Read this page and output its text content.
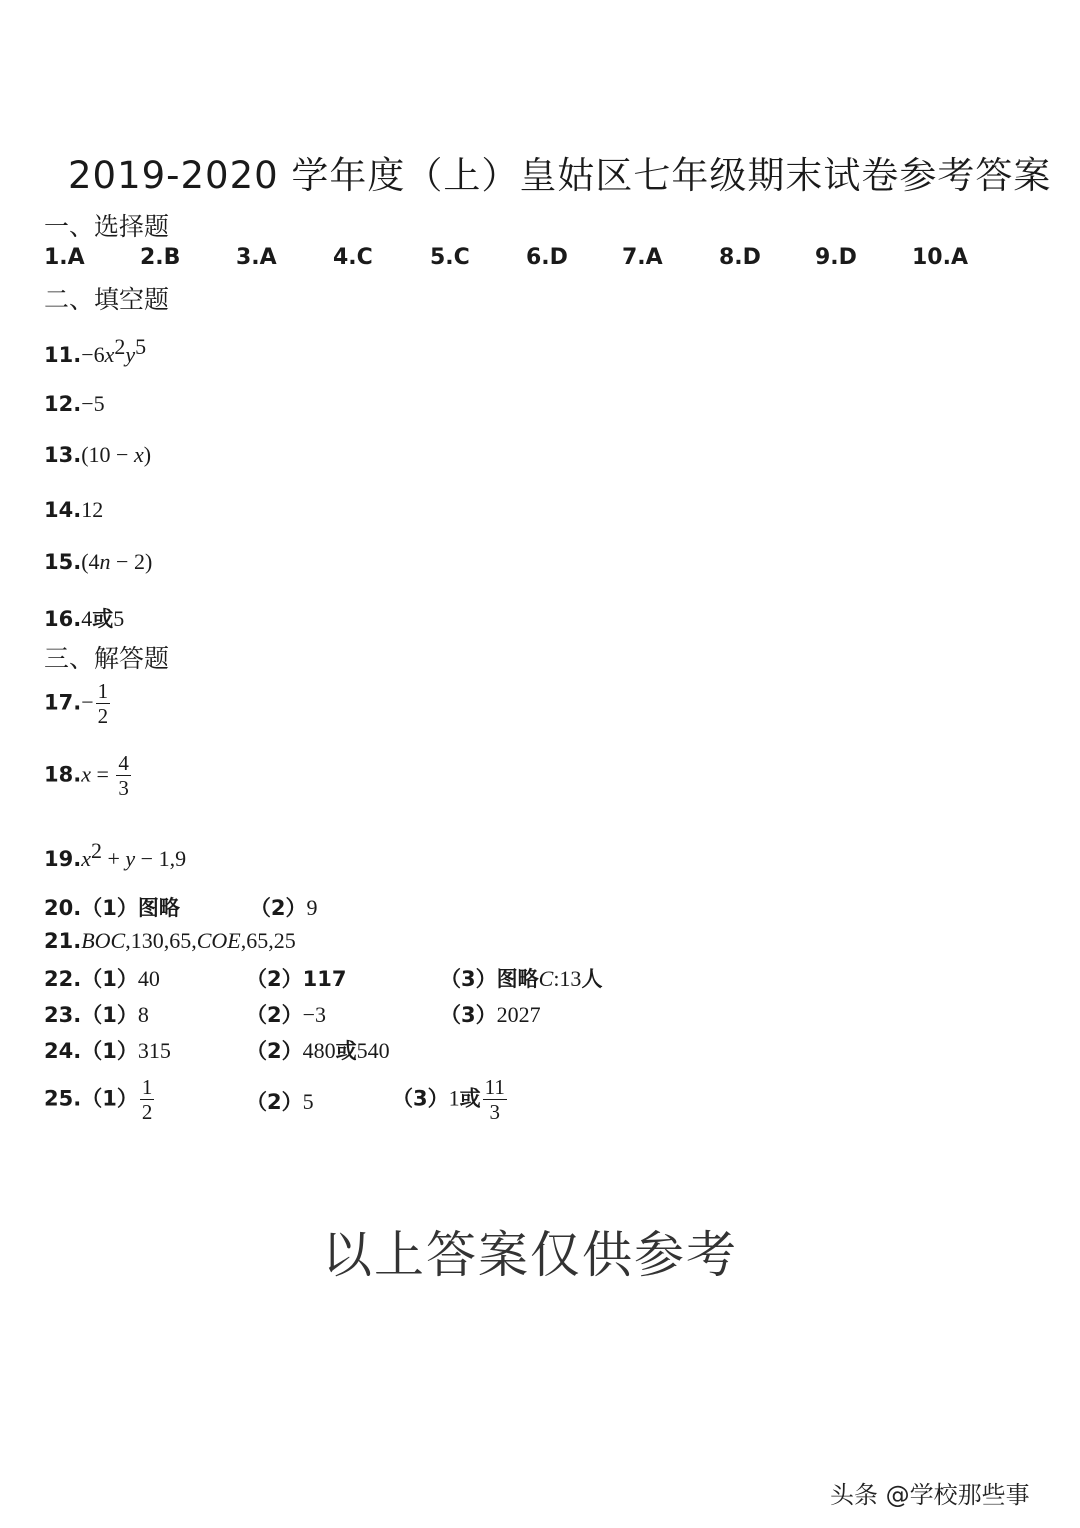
2019-2020 学年度（上）皇姑区七年级期末试卷参考答案
一、选择题
1.A	2.B	3.A	4.C	5.C	6.D 7.A	8.D 9.D	10.A
二、填空题
$11.-6x^2y^5$
12.−5
13.(10 − x)
14.12
15.(4n − 2)
16.4或5
三、解答题
$17.- \frac{1}{2}$
$18.x = \frac{4}{3}$
$19.x^2 + y - 1,9$
20.（1）图略	（2）9
21.BOC,130,65,COE,65,25
22.（1）40	（2）117	（3）图略C:13人
23.（1）8	（2）−3	（3）2027
24.（1）315	（2）480或540
$25.(1) \frac{1}{2}$	（2）5	（3）1或 $\frac{11}{3}$
以上答案仅供参考
头条 @学校那些事
